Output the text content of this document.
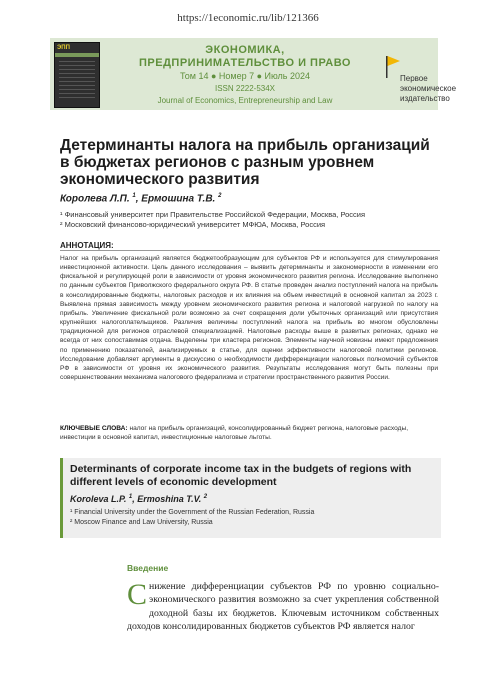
https://1economic.ru/lib/121366
ЭПП	ЭКОНОМИКА,
ПРЕДПРИНИМАТЕЛЬСТВО И ПРАВО
Том 14 ● Номер 7 ● Июль 2024
ISSN 2222-534X
Journal of Economics, Entrepreneurship and Law
Первое
экономическое
издательство
Детерминанты налога на прибыль организаций в бюджетах регионов с разным уровнем экономического развития
Королева Л.П. $^1$, Ермошина Т.В. $^2$
¹ Финансовый университет при Правительстве Российской Федерации, Москва, Россия
² Московский финансово-юридический университет МФЮА, Москва, Россия
АННОТАЦИЯ:
Налог на прибыль организаций является бюджетообразующим для субъектов РФ и используется для стимулирования инвестиционной активности. Цель данного исследования – выявить детерминанты и закономерности в изменении его фискальной и регулирующей роли в зависимости от уровня экономического развития региона. Исследование выполнено по данным субъектов Приволжского федерального округа РФ. В статье проведен анализ поступлений налога на прибыль в консолидированные бюджеты, налоговых расходов и их влияния на объем инвестиций в основной капитал за 2023 г. Выявлена прямая зависимость между уровнем экономического развития региона и налоговой нагрузкой по налогу на прибыль. Увеличение фискальной роли возможно за счет сокращения доли убыточных организаций или присутствия крупнейших налогоплательщиков. Различия величины поступлений налога на прибыль во многом обусловлены традиционной для регионов отраслевой специализацией. Налоговые расходы выше в развитых регионах, однако не всегда от них сопоставимая отдача. Выделены три кластера регионов. Элементы научной новизны имеют предложения по применению показателей, анализируемых в статье, для оценки эффективности налоговой политики регионов. Исследование добавляет аргументы в дискуссию о необходимости дифференциации налоговых полномочий субъектов РФ в зависимости от уровня их экономического развития. Результаты исследования могут быть полезны при совершенствовании механизма налогового федерализма и стратегии пространственного развития России.
КЛЮЧЕВЫЕ СЛОВА: налог на прибыль организаций, консолидированный бюджет региона, налоговые расходы, инвестиции в основной капитал, инвестиционные налоговые льготы.
Determinants of corporate income tax in the budgets of regions with different levels of economic development
Koroleva L.P. $^1$, Ermoshina T.V. $^2$
¹ Financial University under the Government of the Russian Federation, Russia
² Moscow Finance and Law University, Russia
Введение
Снижение дифференциации субъектов РФ по уровню социально-экономического развития возможно за счет укрепления собственной доходной базы их бюджетов. Ключевым источником собственных доходов консолидированных бюджетов субъектов РФ является налог
